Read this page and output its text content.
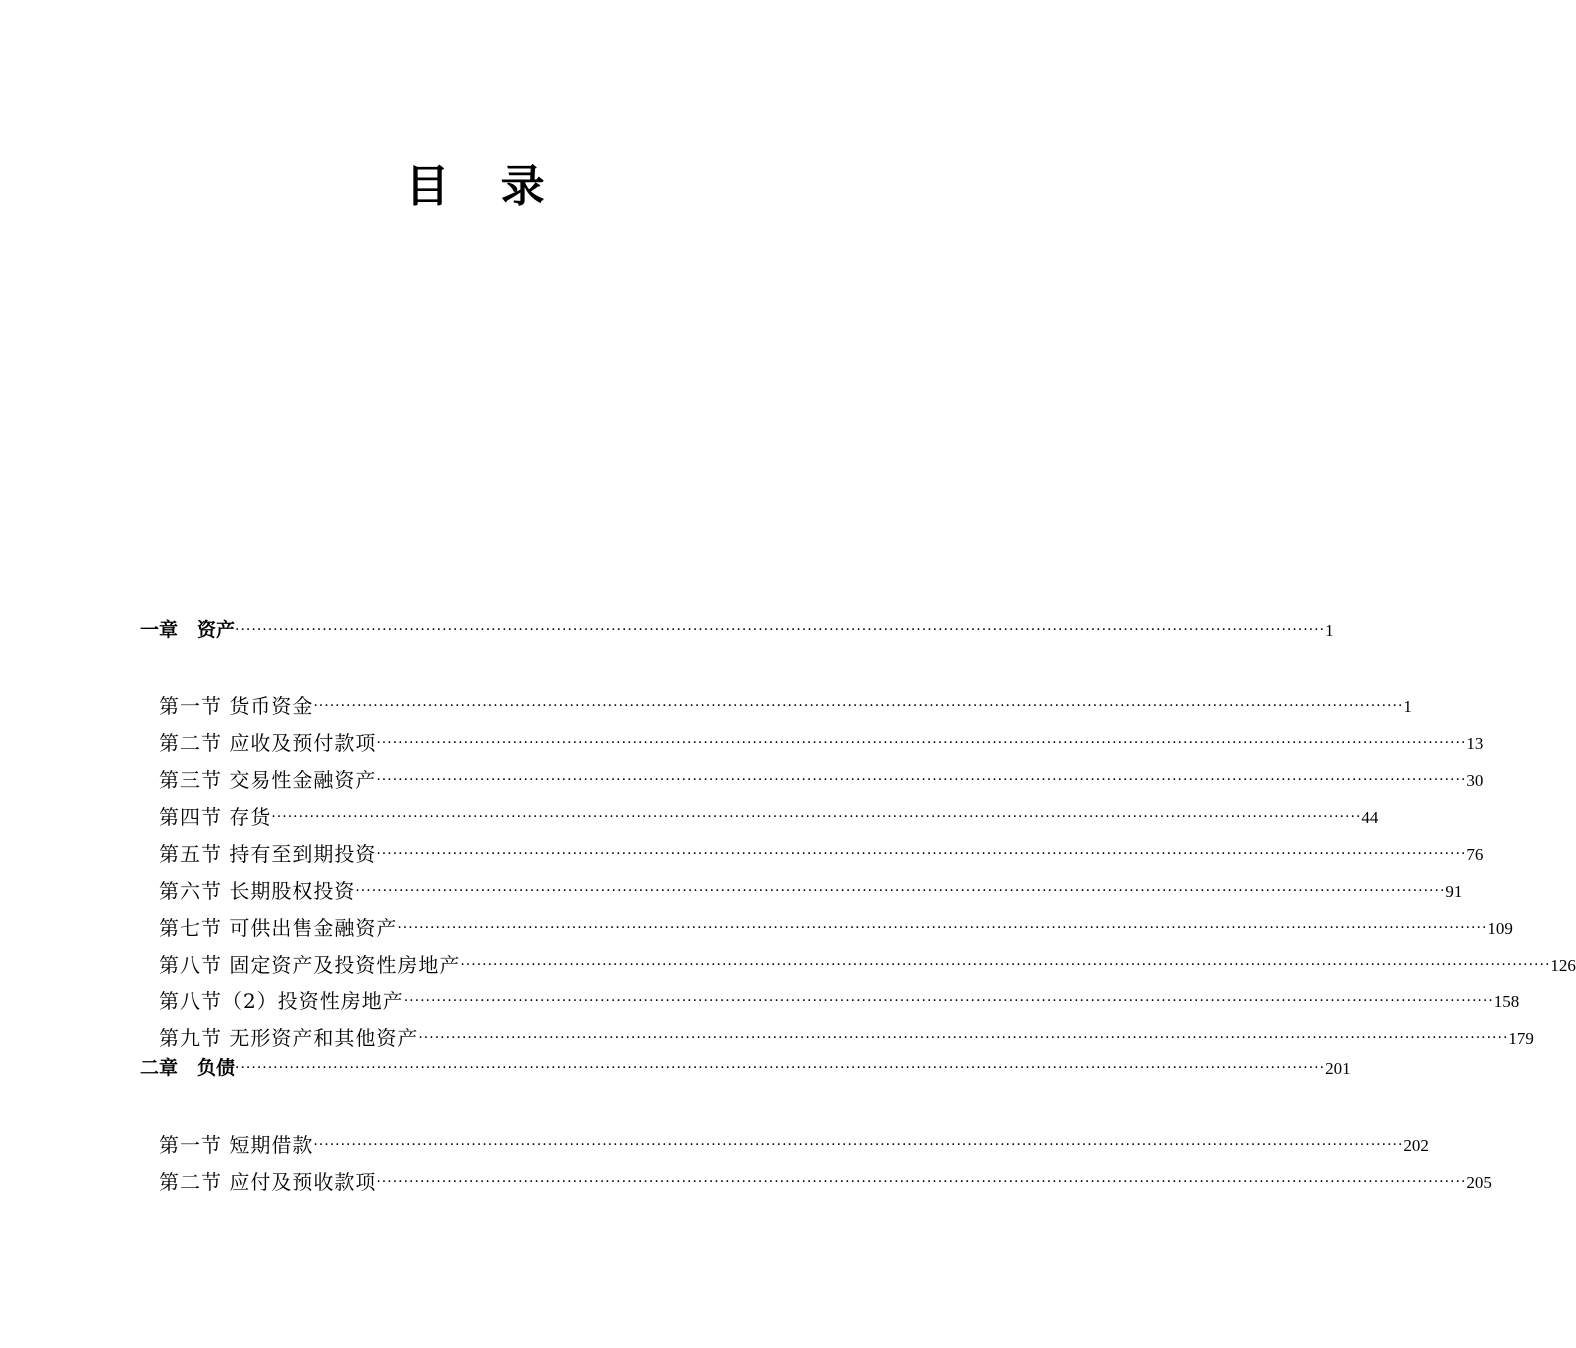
目 录
一章　资产 ········································································································································································································ 1
第一节 货币资金 ········································································································································································································ 1
第二节 应收及预付款项 ········································································································································································································ 13
第三节 交易性金融资产 ········································································································································································································ 30
第四节 存货 ········································································································································································································ 44
第五节 持有至到期投资 ········································································································································································································ 76
第六节 长期股权投资 ········································································································································································································ 91
第七节 可供出售金融资产 ········································································································································································································ 109
第八节 固定资产及投资性房地产 ········································································································································································································ 126
第八节（2）投资性房地产 ········································································································································································································ 158
第九节 无形资产和其他资产 ········································································································································································································ 179
二章　负债 ········································································································································································································ 201
第一节 短期借款 ········································································································································································································ 202
第二节 应付及预收款项 ········································································································································································································ 205
